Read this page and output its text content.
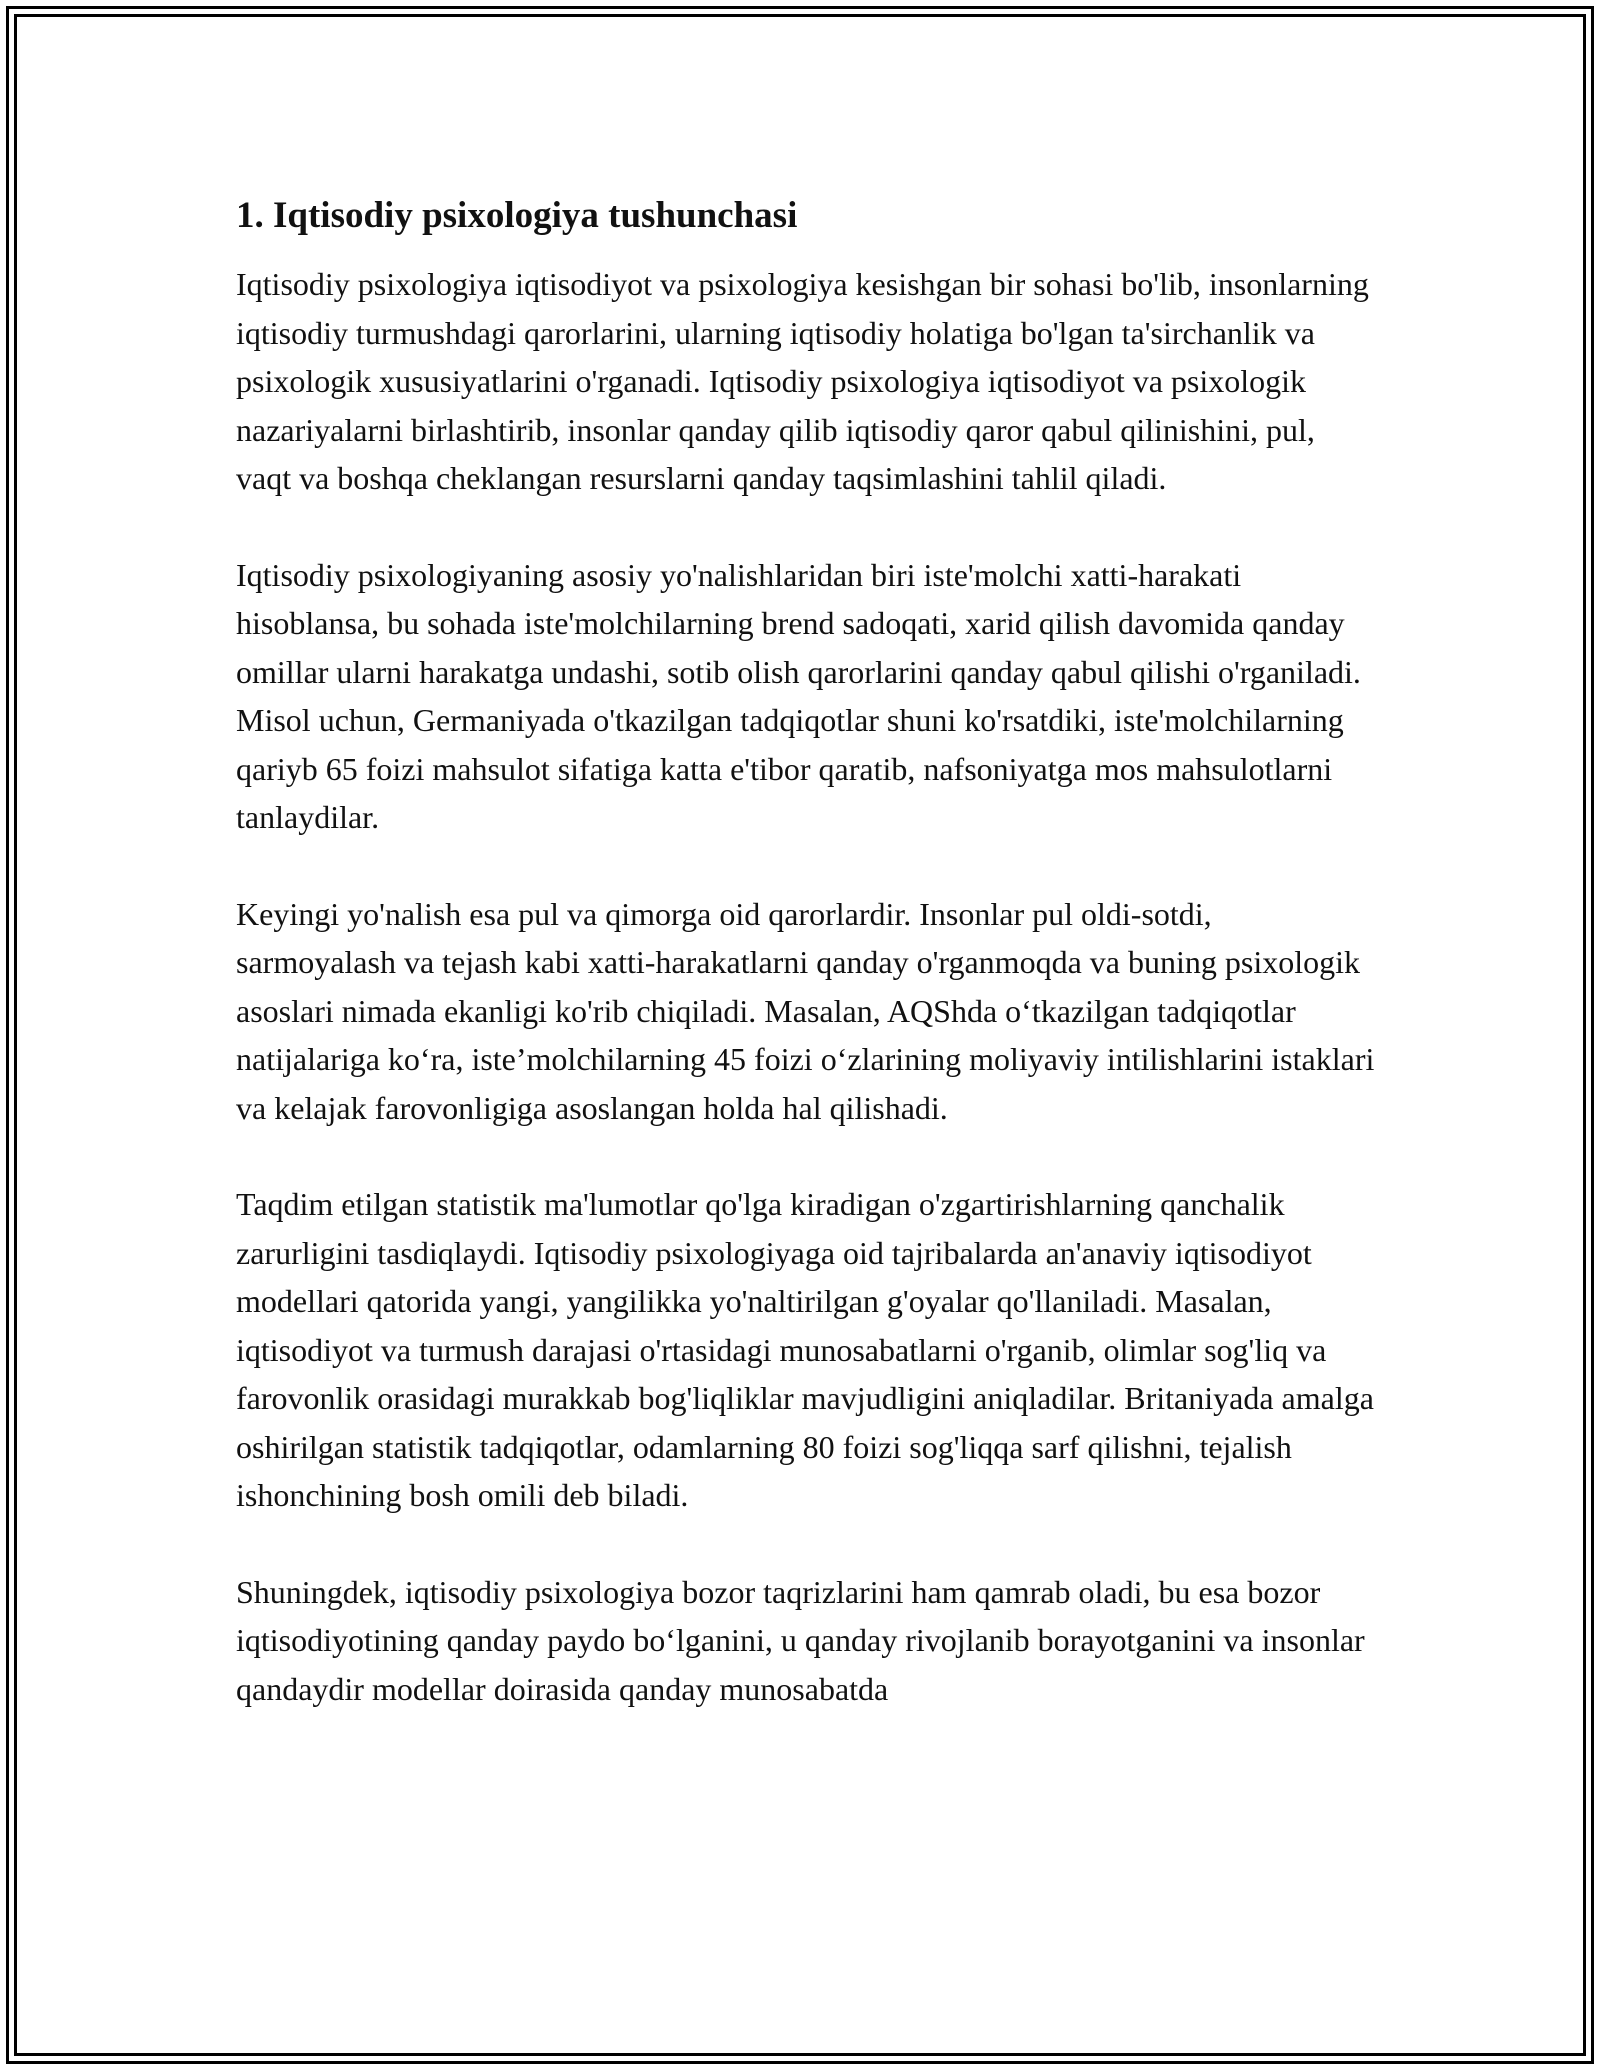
1. Iqtisodiy psixologiya tushunchasi

Iqtisodiy psixologiya iqtisodiyot va psixologiya kesishgan bir sohasi bo'lib, insonlarning iqtisodiy turmushdagi qarorlarini, ularning iqtisodiy holatiga bo'lgan ta'sirchanlik va psixologik xususiyatlarini o'rganadi. Iqtisodiy psixologiya iqtisodiyot va psixologik nazariyalarni birlashtirib, insonlar qanday qilib iqtisodiy qaror qabul qilinishini, pul, vaqt va boshqa cheklangan resurslarni qanday taqsimlashini tahlil qiladi.

Iqtisodiy psixologiyaning asosiy yo'nalishlaridan biri iste'molchi xatti-harakati hisoblansa, bu sohada iste'molchilarning brend sadoqati, xarid qilish davomida qanday omillar ularni harakatga undashi, sotib olish qarorlarini qanday qabul qilishi o'rganiladi. Misol uchun, Germaniyada o'tkazilgan tadqiqotlar shuni ko'rsatdiki, iste'molchilarning qariyb 65 foizi mahsulot sifatiga katta e'tibor qaratib, nafsoniyatga mos mahsulotlarni tanlaydilar.

Keyingi yo'nalish esa pul va qimorga oid qarorlardir. Insonlar pul oldi-sotdi, sarmoyalash va tejash kabi xatti-harakatlarni qanday o'rganmoqda va buning psixologik asoslari nimada ekanligi ko'rib chiqiladi. Masalan, AQShda o‘tkazilgan tadqiqotlar natijalariga ko‘ra, iste’molchilarning 45 foizi o‘zlarining moliyaviy intilishlarini istaklari va kelajak farovonligiga asoslangan holda hal qilishadi.

Taqdim etilgan statistik ma'lumotlar qo'lga kiradigan o'zgartirishlarning qanchalik zarurligini tasdiqlaydi. Iqtisodiy psixologiyaga oid tajribalarda an'anaviy iqtisodiyot modellari qatorida yangi, yangilikka yo'naltirilgan g'oyalar qo'llaniladi. Masalan, iqtisodiyot va turmush darajasi o'rtasidagi munosabatlarni o'rganib, olimlar sog'liq va farovonlik orasidagi murakkab bog'liqliklar mavjudligini aniqladilar. Britaniyada amalga oshirilgan statistik tadqiqotlar, odamlarning 80 foizi sog'liqqa sarf qilishni, tejalish ishonchining bosh omili deb biladi.

Shuningdek, iqtisodiy psixologiya bozor taqrizlarini ham qamrab oladi, bu esa bozor iqtisodiyotining qanday paydo bo‘lganini, u qanday rivojlanib borayotganini va insonlar qandaydir modellar doirasida qanday munosabatda
